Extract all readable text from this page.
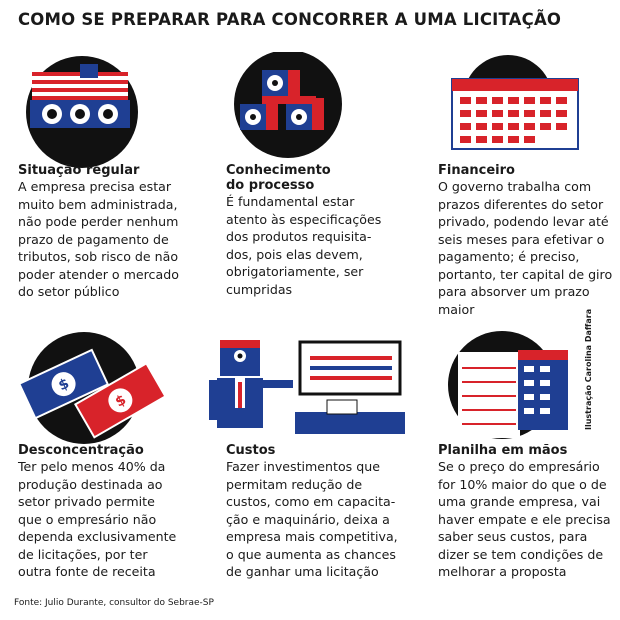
COMO SE PREPARAR PARA CONCORRER A UMA LICITAÇÃO
Situação regular
A empresa precisa estar
muito bem administrada,
não pode perder nenhum
prazo de pagamento de
tributos, sob risco de não
poder atender o mercado
do setor público
Conhecimento
do processo
É fundamental estar
atento às especificações
dos produtos requisita-
dos, pois elas devem,
obrigatoriamente, ser
cumpridas
Financeiro
O governo trabalha com
prazos diferentes do setor
privado, podendo levar até
seis meses para efetivar o
pagamento; é preciso,
portanto, ter capital de giro
para absorver um prazo maior
$
$
Desconcentração
Ter pelo menos 40% da
produção destinada ao
setor privado permite
que o empresário não
dependa exclusivamente
de licitações, por ter
outra fonte de receita
Custos
Fazer investimentos que
permitam redução de
custos, como em capacita-
ção e maquinário, deixa a
empresa mais competitiva,
o que aumenta as chances
de ganhar uma licitação
Planilha em mãos
Se o preço do empresário
for 10% maior do que o de
uma grande empresa, vai
haver empate e ele precisa
saber seus custos, para
dizer se tem condições de
melhorar a proposta
Ilustração Carolina Daffara
Fonte: Julio Durante, consultor do Sebrae-SP
